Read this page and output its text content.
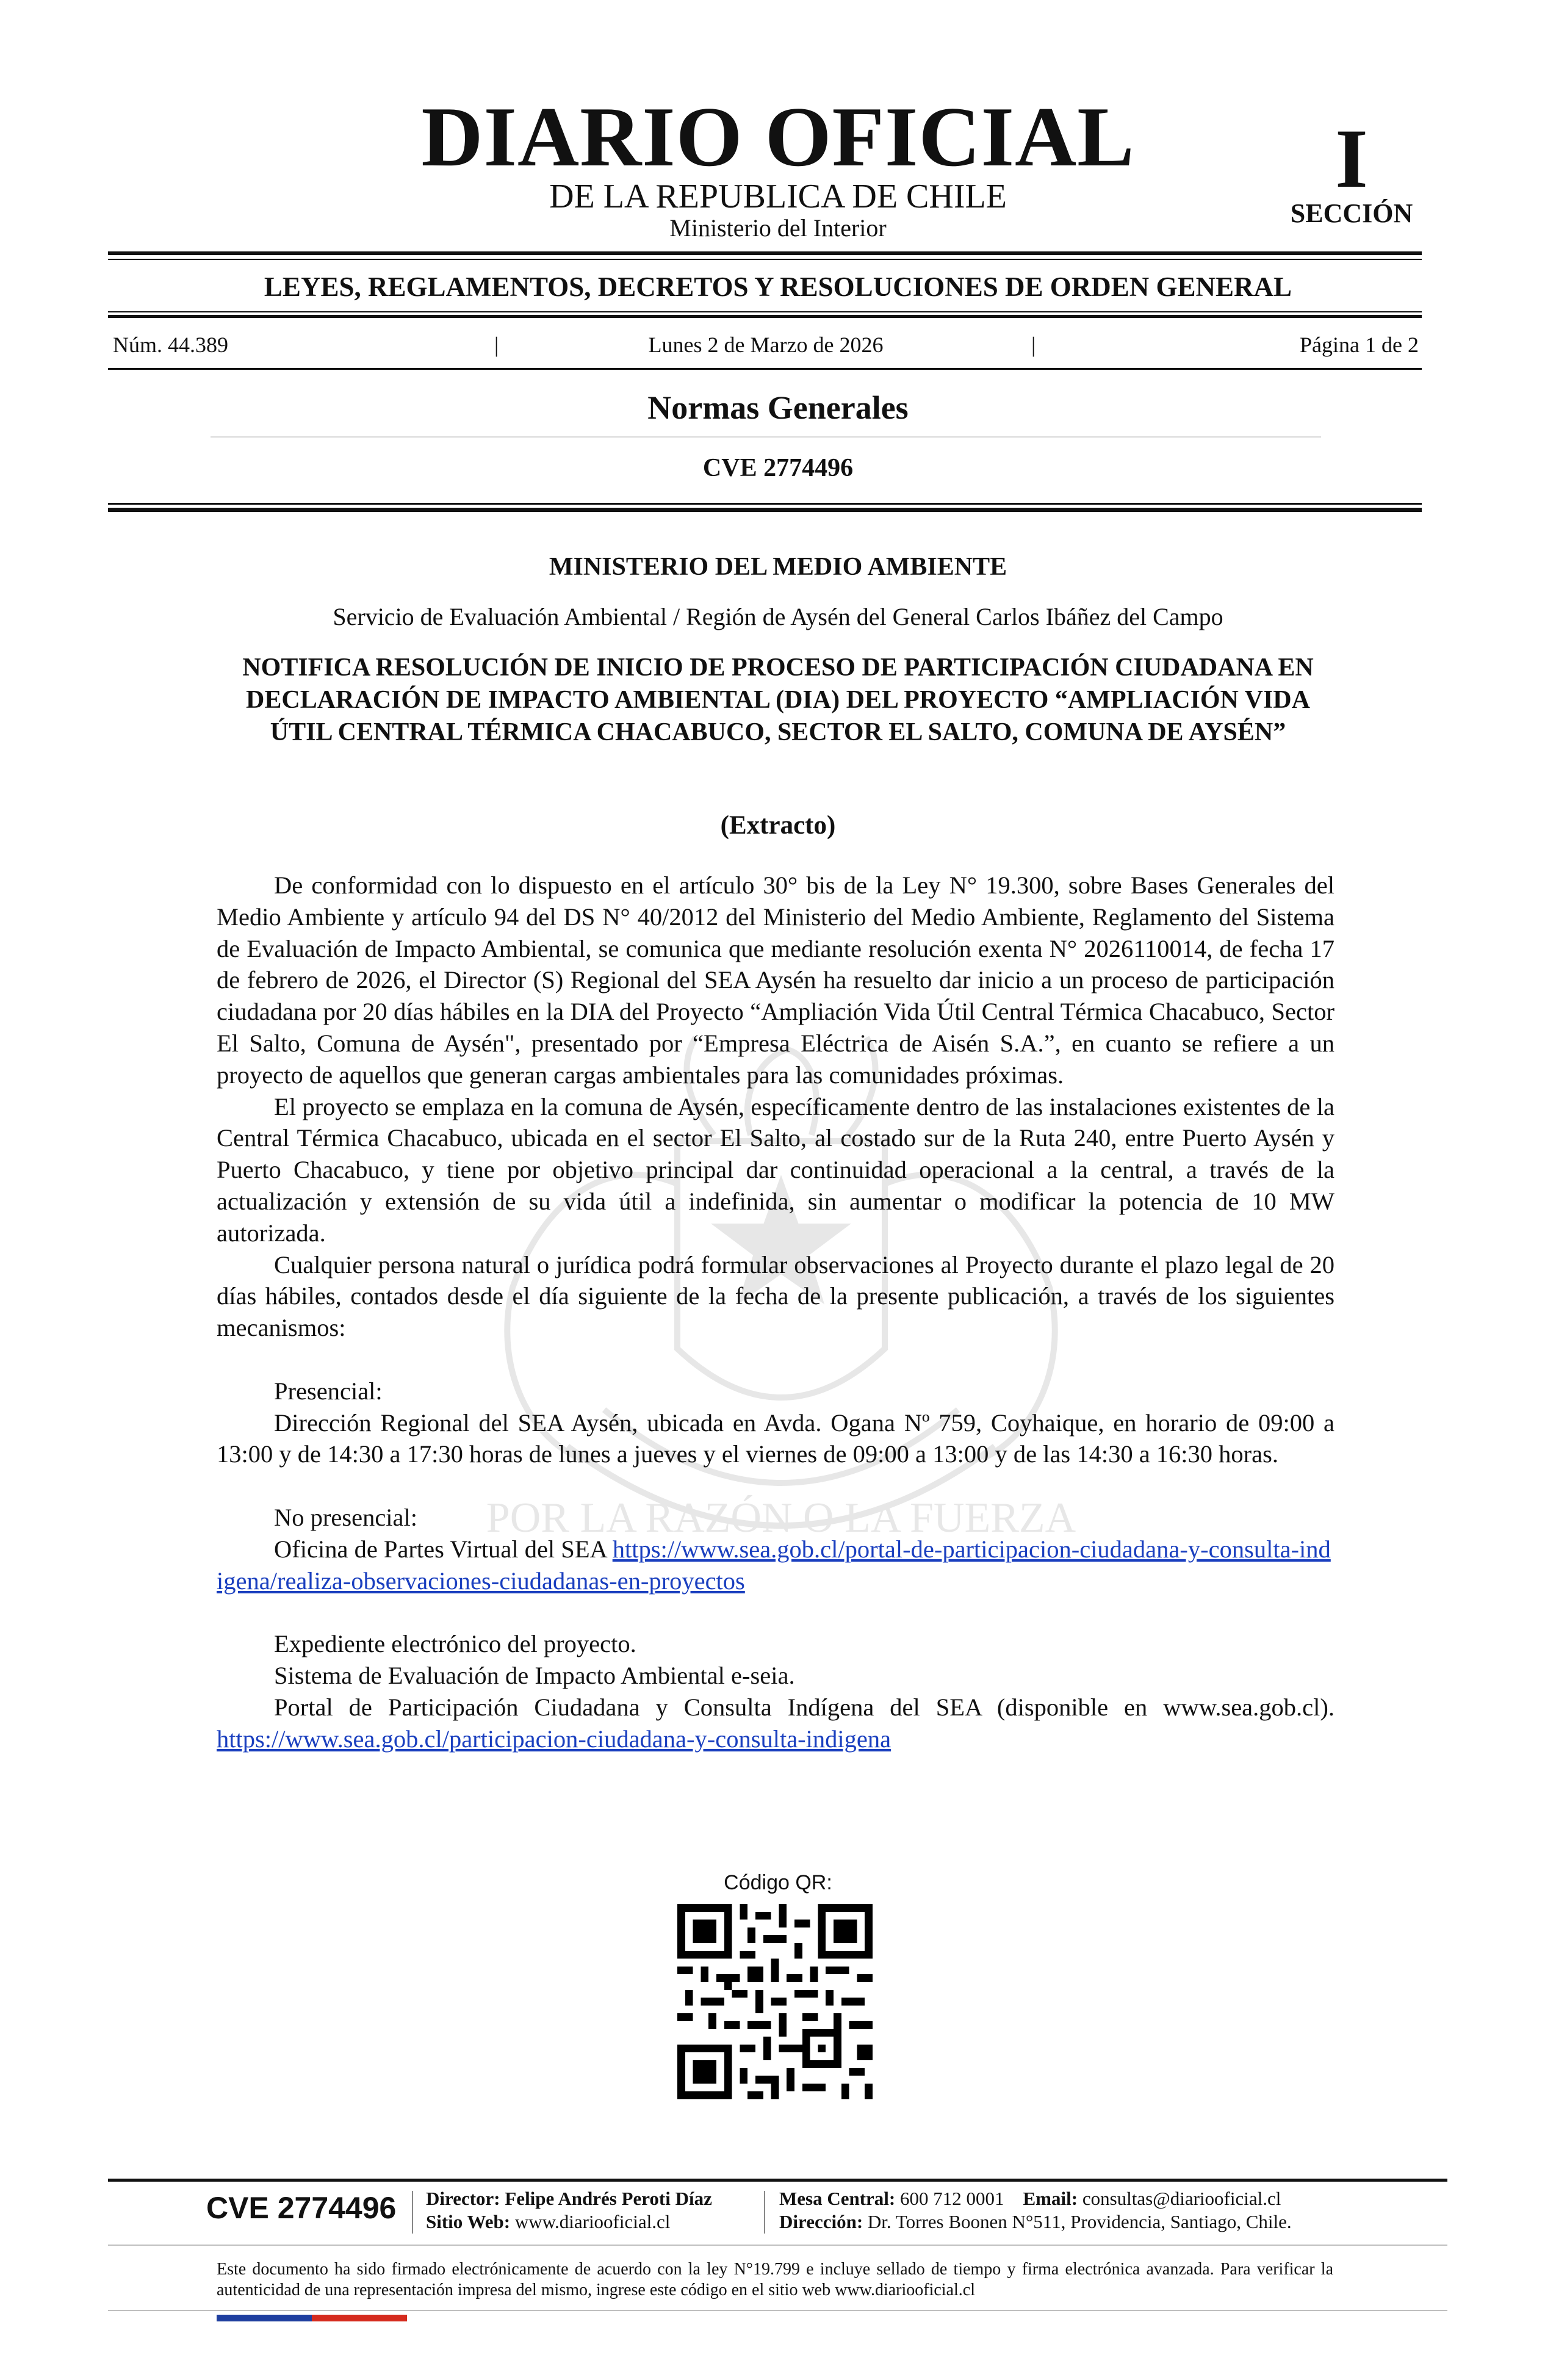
POR LA RAZÓN O LA FUERZA
DIARIO OFICIAL
DE LA REPUBLICA DE CHILE
Ministerio del Interior
I
SECCIÓN
LEYES, REGLAMENTOS, DECRETOS Y RESOLUCIONES DE ORDEN GENERAL
Núm. 44.389	|	Lunes 2 de Marzo de 2026	|	Página 1 de 2
Normas Generales
CVE 2774496
MINISTERIO DEL MEDIO AMBIENTE
Servicio de Evaluación Ambiental / Región de Aysén del General Carlos Ibáñez del Campo
NOTIFICA RESOLUCIÓN DE INICIO DE PROCESO DE PARTICIPACIÓN CIUDADANA EN DECLARACIÓN DE IMPACTO AMBIENTAL (DIA) DEL PROYECTO “AMPLIACIÓN VIDA ÚTIL CENTRAL TÉRMICA CHACABUCO, SECTOR EL SALTO, COMUNA DE AYSÉN”
(Extracto)

De conformidad con lo dispuesto en el artículo 30° bis de la Ley N° 19.300, sobre Bases Generales del Medio Ambiente y artículo 94 del DS N° 40/2012 del Ministerio del Medio Ambiente, Reglamento del Sistema de Evaluación de Impacto Ambiental, se comunica que mediante resolución exenta N° 2026110014, de fecha 17 de febrero de 2026, el Director (S) Regional del SEA Aysén ha resuelto dar inicio a un proceso de participación ciudadana por 20 días hábiles en la DIA del Proyecto “Ampliación Vida Útil Central Térmica Chacabuco, Sector El Salto, Comuna de Aysén", presentado por “Empresa Eléctrica de Aisén S.A.”, en cuanto se refiere a un proyecto de aquellos que generan cargas ambientales para las comunidades próximas.

El proyecto se emplaza en la comuna de Aysén, específicamente dentro de las instalaciones existentes de la Central Térmica Chacabuco, ubicada en el sector El Salto, al costado sur de la Ruta 240, entre Puerto Aysén y Puerto Chacabuco, y tiene por objetivo principal dar continuidad operacional a la central, a través de la actualización y extensión de su vida útil a indefinida, sin aumentar o modificar la potencia de 10 MW autorizada.

Cualquier persona natural o jurídica podrá formular observaciones al Proyecto durante el plazo legal de 20 días hábiles, contados desde el día siguiente de la fecha de la presente publicación, a través de los siguientes mecanismos:

Presencial:

Dirección Regional del SEA Aysén, ubicada en Avda. Ogana Nº 759, Coyhaique, en horario de 09:00 a 13:00 y de 14:30 a 17:30 horas de lunes a jueves y el viernes de 09:00 a 13:00 y de las 14:30 a 16:30 horas.

No presencial:

Oficina de Partes Virtual del SEA https://www.sea.gob.cl/portal-de-participacion-ciudadana-y-consulta-indigena/realiza-observaciones-ciudadanas-en-proyectos

Expediente electrónico del proyecto.

Sistema de Evaluación de Impacto Ambiental e-seia.

Portal de Participación Ciudadana y Consulta Indígena del SEA (disponible en www.sea.gob.cl). https://www.sea.gob.cl/participacion-ciudadana-y-consulta-indigena

Código QR:
CVE 2774496 Director: Felipe Andrés Peroti Díaz
Sitio Web: www.diariooficial.cl
Mesa Central: 600 712 0001 Email: consultas@diariooficial.cl
Dirección: Dr. Torres Boonen N°511, Providencia, Santiago, Chile.
Este documento ha sido firmado electrónicamente de acuerdo con la ley N°19.799 e incluye sellado de tiempo y firma electrónica avanzada. Para verificar la autenticidad de una representación impresa del mismo, ingrese este código en el sitio web www.diariooficial.cl
